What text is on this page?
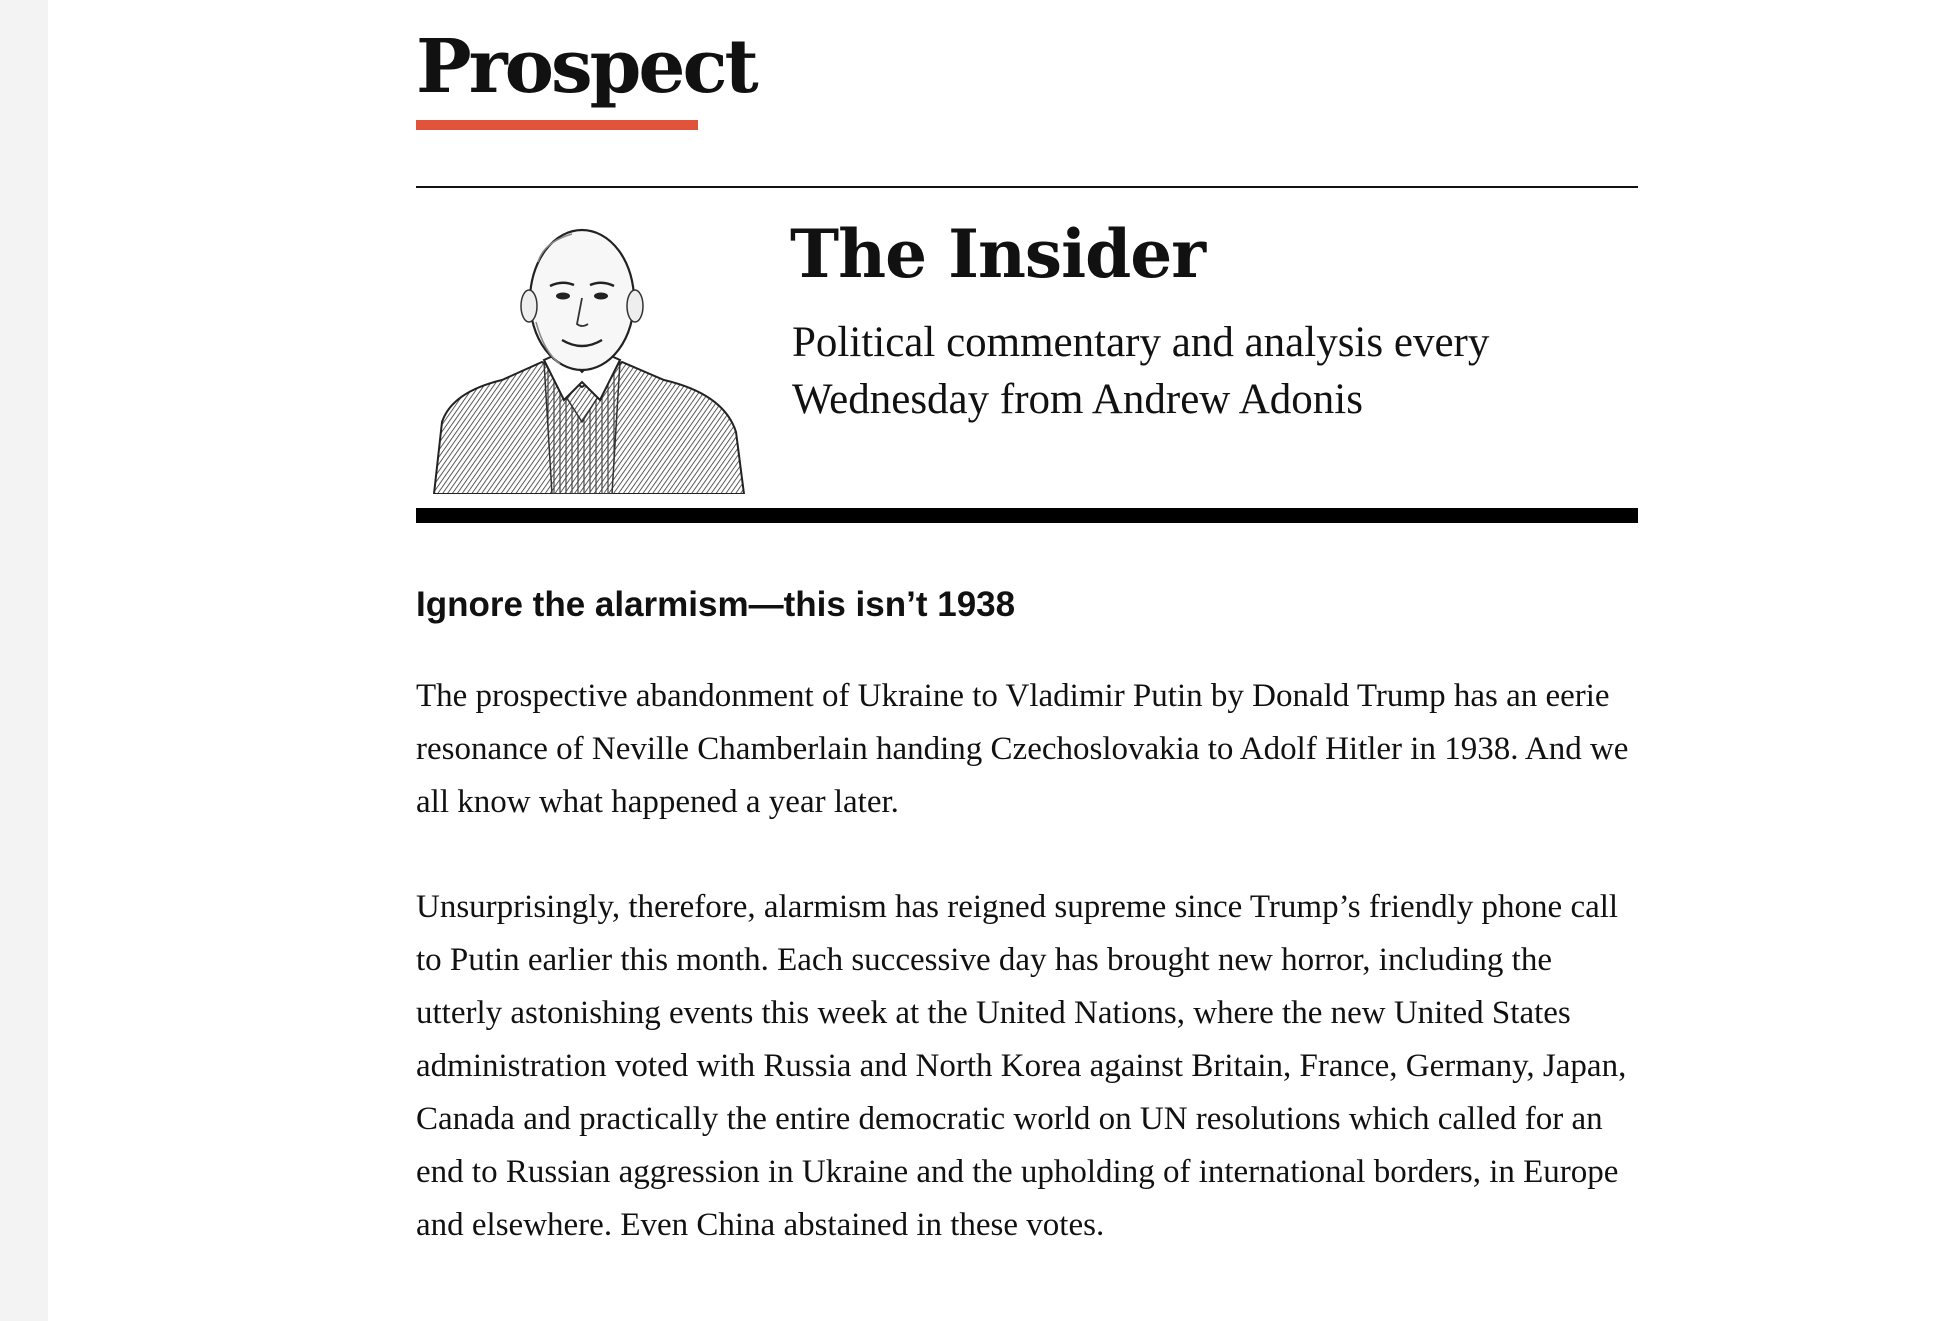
Prospect
The Insider

Political commentary and analysis every Wednesday from Andrew Adonis

Ignore the alarmism—this isn’t 1938

The prospective abandonment of Ukraine to Vladimir Putin by Donald Trump has an eerie resonance of Neville Chamberlain handing Czechoslovakia to Adolf Hitler in 1938. And we all know what happened a year later.

Unsurprisingly, therefore, alarmism has reigned supreme since Trump’s friendly phone call to Putin earlier this month. Each successive day has brought new horror, including the utterly astonishing events this week at the United Nations, where the new United States administration voted with Russia and North Korea against Britain, France, Germany, Japan, Canada and practically the entire democratic world on UN resolutions which called for an end to Russian aggression in Ukraine and the upholding of international borders, in Europe and elsewhere. Even China abstained in these votes.
